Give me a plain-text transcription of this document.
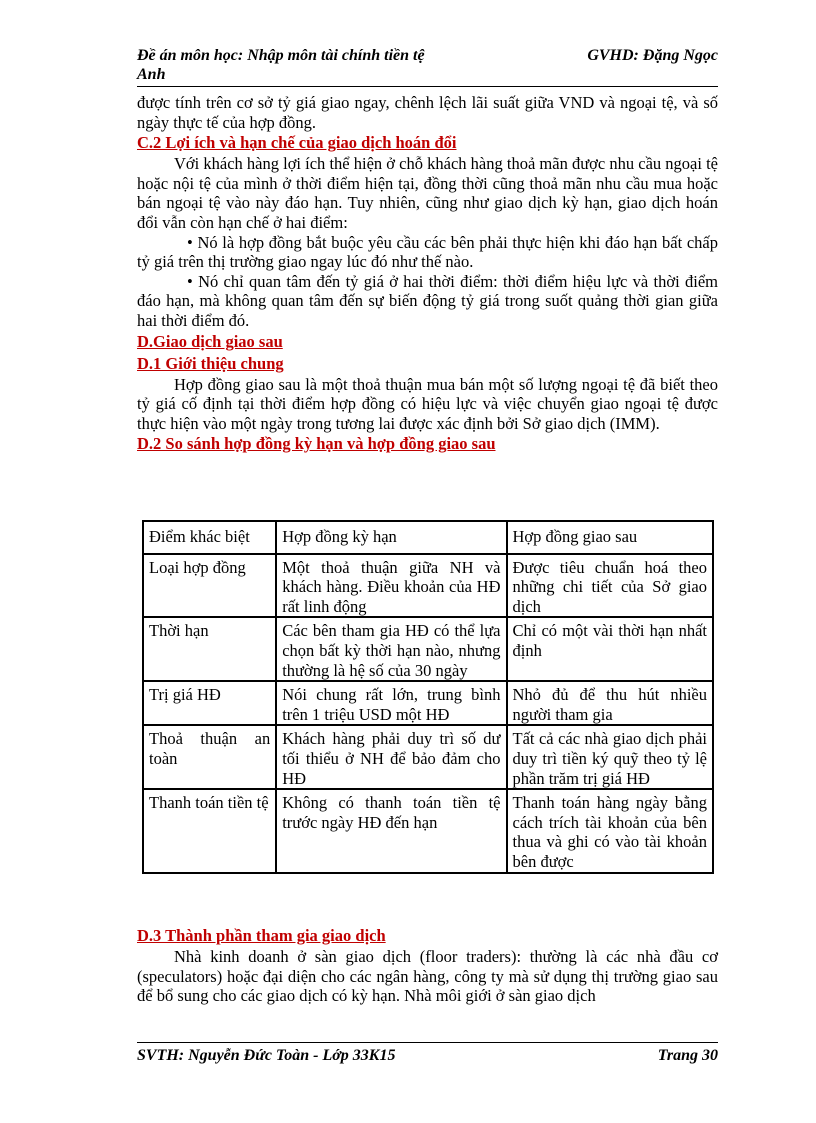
Đề án môn học: Nhập môn tài chính tiền tệ	GVHD: Đặng Ngọc
Anh

được tính trên cơ sở tỷ giá giao ngay, chênh lệch lãi suất giữa VND và ngoại tệ, và số ngày thực tế của hợp đồng.

C.2 Lợi ích và hạn chế của giao dịch hoán đổi

Với khách hàng lợi ích thể hiện ở chỗ khách hàng thoả mãn được nhu cầu ngoại tệ hoặc nội tệ của mình ở thời điểm hiện tại, đồng thời cũng thoả mãn nhu cầu mua hoặc bán ngoại tệ vào này đáo hạn. Tuy nhiên, cũng như giao dịch kỳ hạn, giao dịch hoán đổi vẫn còn hạn chế ở hai điểm:

• Nó là hợp đồng bắt buộc yêu cầu các bên phải thực hiện khi đáo hạn bất chấp tỷ giá trên thị trường giao ngay lúc đó như thế nào.

• Nó chỉ quan tâm đến tỷ giá ở hai thời điểm: thời điểm hiệu lực và thời điểm đáo hạn, mà không quan tâm đến sự biến động tỷ giá trong suốt quảng thời gian giữa hai thời điểm đó.

D.Giao dịch giao sau

D.1 Giới thiệu chung

Hợp đồng giao sau là một thoả thuận mua bán một số lượng ngoại tệ đã biết theo tỷ giá cố định tại thời điểm hợp đồng có hiệu lực và việc chuyển giao ngoại tệ được thực hiện vào một ngày trong tương lai được xác định bởi Sở giao dịch (IMM).

D.2 So sánh hợp đồng kỳ hạn và hợp đồng giao sau

Điểm khác biệt	Hợp đồng kỳ hạn	Hợp đồng giao sau
Loại hợp đồng	Một thoả thuận giữa NH và khách hàng. Điều khoản của HĐ rất linh động	Được tiêu chuẩn hoá theo những chi tiết của Sở giao dịch
Thời hạn	Các bên tham gia HĐ có thể lựa chọn bất kỳ thời hạn nào, nhưng thường là hệ số của 30 ngày	Chỉ có một vài thời hạn nhất định
Trị giá HĐ	Nói chung rất lớn, trung bình trên 1 triệu USD một HĐ	Nhỏ đủ để thu hút nhiều người tham gia
Thoả thuận an toàn	Khách hàng phải duy trì số dư tối thiểu ở NH để bảo đảm cho HĐ	Tất cả các nhà giao dịch phải duy trì tiền ký quỹ theo tỷ lệ phần trăm trị giá HĐ
Thanh toán tiền tệ	Không có thanh toán tiền tệ trước ngày HĐ đến hạn	Thanh toán hàng ngày bằng cách trích tài khoản của bên thua và ghi có vào tài khoản bên được

D.3 Thành phần tham gia giao dịch

Nhà kinh doanh ở sàn giao dịch (floor traders): thường là các nhà đầu cơ (speculators) hoặc đại diện cho các ngân hàng, công ty mà sử dụng thị trường giao sau để bổ sung cho các giao dịch có kỳ hạn. Nhà môi giới ở sàn giao dịch

SVTH: Nguyễn Đức Toàn - Lớp 33K15	Trang 30
